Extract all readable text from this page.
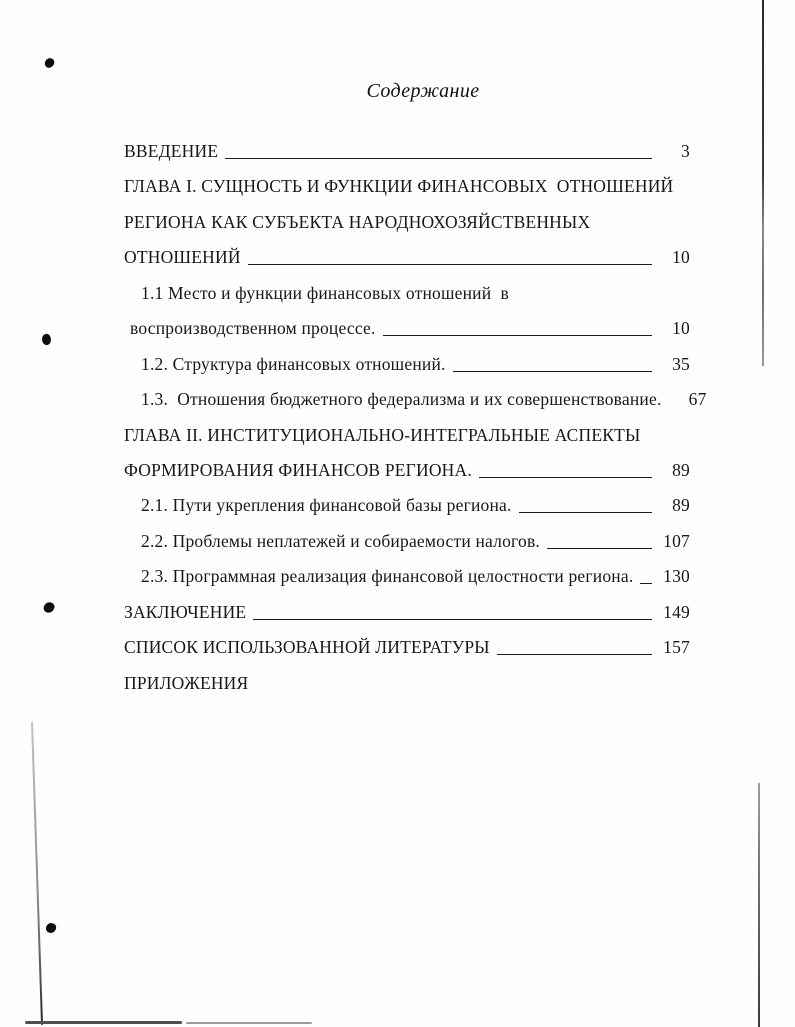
Содержание
ВВЕДЕНИЕ	3
ГЛАВА I. СУЩНОСТЬ И ФУНКЦИИ ФИНАНСОВЫХ  ОТНОШЕНИЙ
РЕГИОНА КАК СУБЪЕКТА НАРОДНОХОЗЯЙСТВЕННЫХ
ОТНОШЕНИЙ	10
1.1 Место и функции финансовых отношений  в
воспроизводственном процессе.	10
1.2. Структура финансовых отношений.	35
1.3.  Отношения бюджетного федерализма и их совершенствование.	67
ГЛАВА II. ИНСТИТУЦИОНАЛЬНО-ИНТЕГРАЛЬНЫЕ АСПЕКТЫ
ФОРМИРОВАНИЯ ФИНАНСОВ РЕГИОНА.	89
2.1. Пути укрепления финансовой базы региона.	89
2.2. Проблемы неплатежей и собираемости налогов.	107
2.3. Программная реализация финансовой целостности региона. 130
ЗАКЛЮЧЕНИЕ	149
СПИСОК ИСПОЛЬЗОВАННОЙ ЛИТЕРАТУРЫ	157
ПРИЛОЖЕНИЯ
